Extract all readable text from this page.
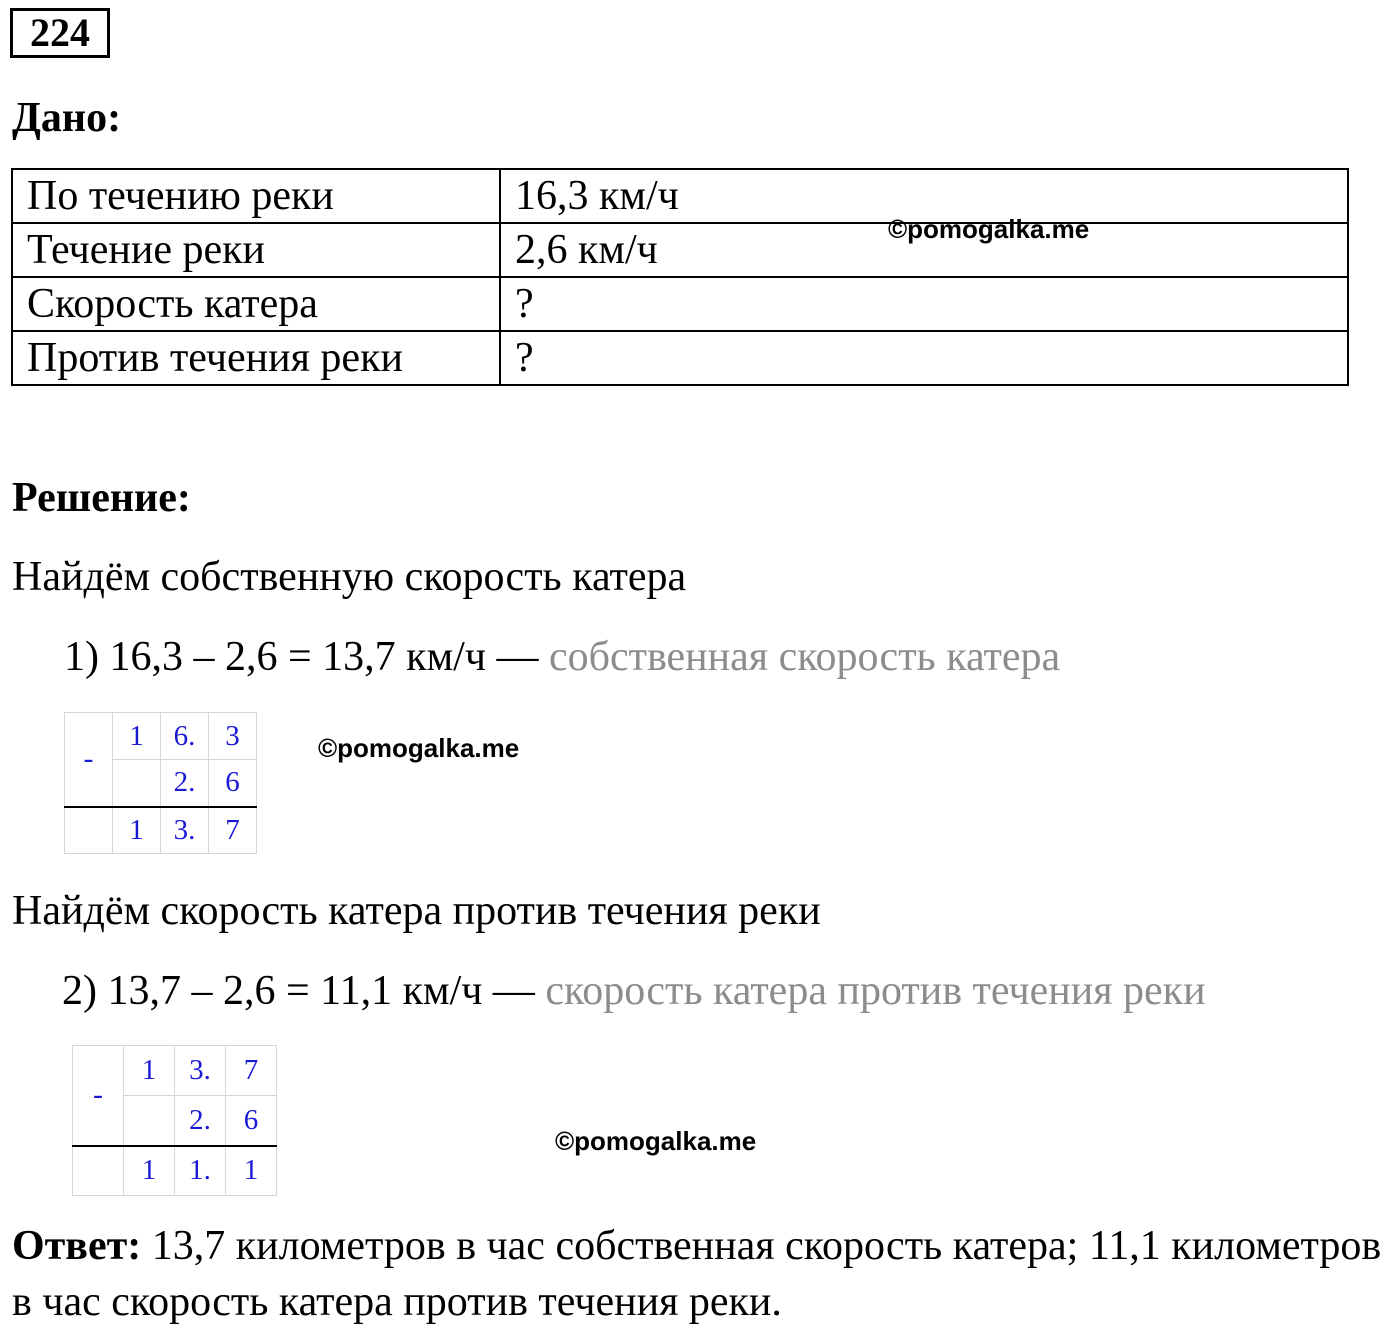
224
Дано:
По течению реки	16,3 км/ч
Течение реки	2,6 км/ч
Скорость катера	?
Против течения реки	?
©pomogalka.me
Решение:
Найдём собственную скорость катера
1) 16,3 – 2,6 = 13,7 км/ч — собственная скорость катера
-	1	6.	3
		2.	6
	1	3.	7
©pomogalka.me
Найдём скорость катера против течения реки
2) 13,7 – 2,6 = 11,1 км/ч — скорость катера против течения реки
-	1	3.	7
		2.	6
	1	1.	1
©pomogalka.me
Ответ: 13,7 километров в час собственная скорость катера; 11,1 километров в час скорость катера против течения реки.
